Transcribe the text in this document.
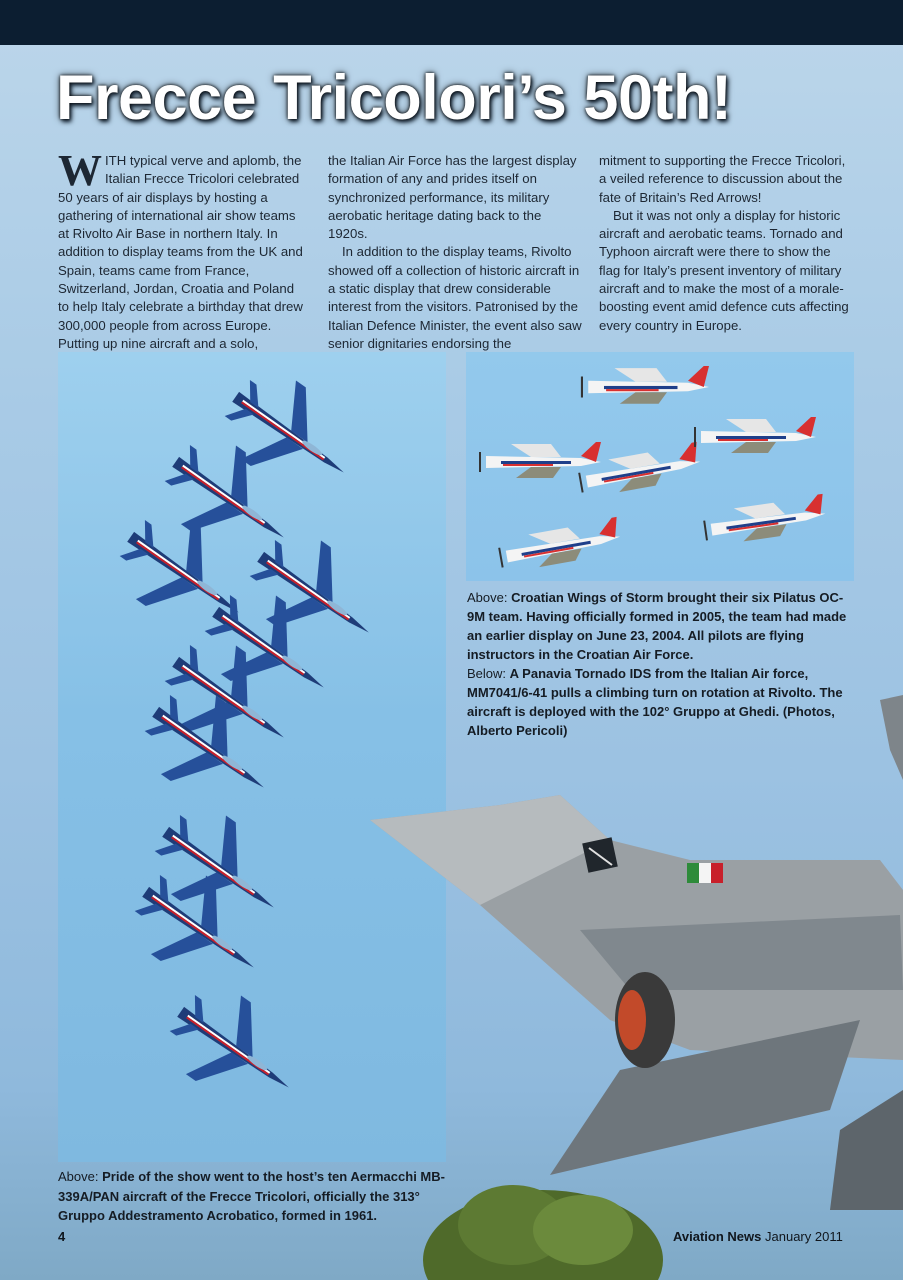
Frecce Tricolori’s 50th!

WITH typical verve and aplomb, the Italian Frecce Tricolori celebrated 50 years of air displays by hosting a gathering of international air show teams at Rivolto Air Base in northern Italy. In addition to display teams from the UK and Spain, teams came from France, Switzerland, Jordan, Croatia and Poland to help Italy celebrate a birthday that drew 300,000 people from across Europe. Putting up nine aircraft and a solo,

the Italian Air Force has the largest display formation of any and prides itself on synchronized performance, its military aerobatic heritage dating back to the 1920s.

In addition to the display teams, Rivolto showed off a collection of historic aircraft in a static display that drew considerable interest from the visitors. Patronised by the Italian Defence Minister, the event also saw senior dignitaries endorsing the

mitment to supporting the Frecce Tricolori, a veiled reference to discussion about the fate of Britain’s Red Arrows!

But it was not only a display for historic aircraft and aerobatic teams. Tornado and Typhoon aircraft were there to show the flag for Italy’s present inventory of military aircraft and to make the most of a morale-boosting event amid defence cuts affecting every country in Europe.

Above: Croatian Wings of Storm brought their six Pilatus OC-9M team. Having officially formed in 2005, the team had made an earlier display on June 23, 2004. All pilots are flying instructors in the Croatian Air Force.
Below: A Panavia Tornado IDS from the Italian Air force, MM7041/6-41 pulls a climbing turn on rotation at Rivolto. The aircraft is deployed with the 102° Gruppo at Ghedi. (Photos, Alberto Pericoli)
Above: Pride of the show went to the host’s ten Aermacchi MB-339A/PAN aircraft of the Frecce Tricolori, officially the 313° Gruppo Addestramento Acrobatico, formed in 1961.
4	Aviation News January 2011
